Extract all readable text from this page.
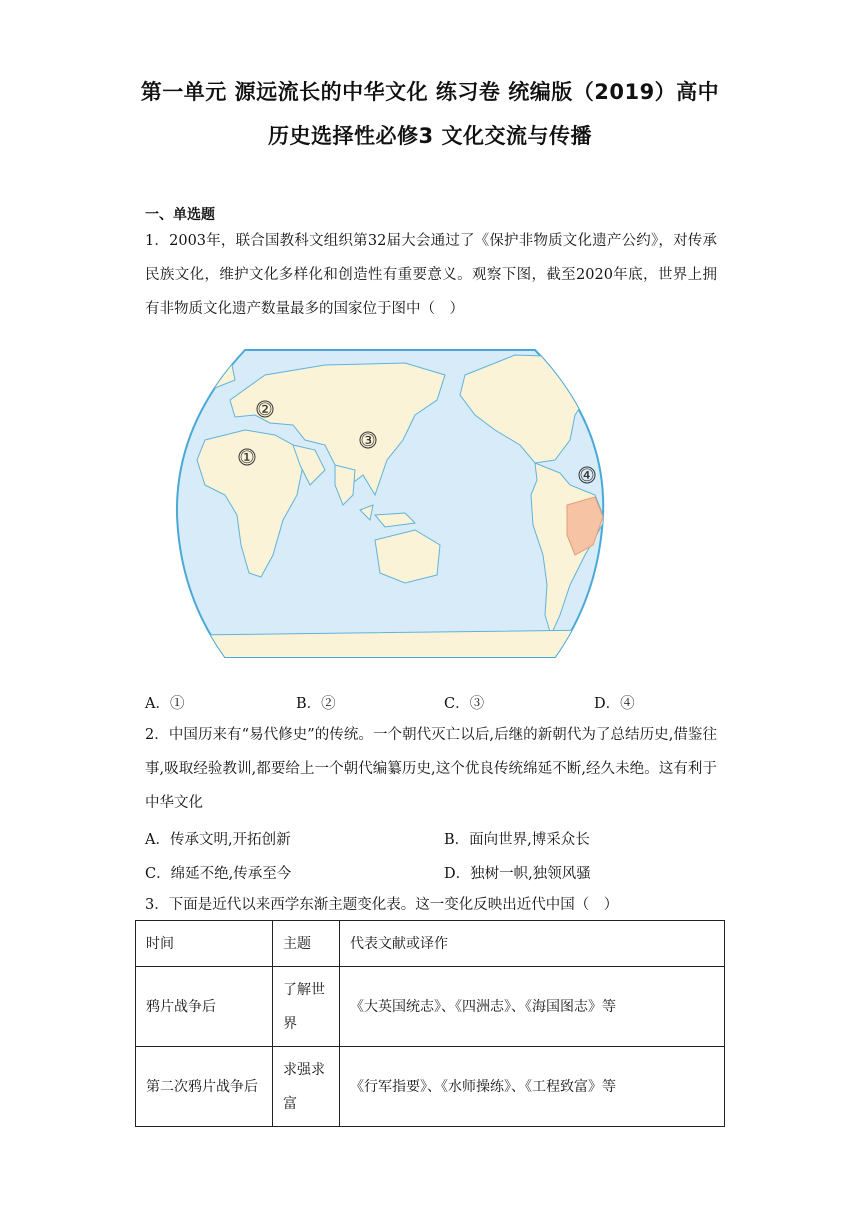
第一单元 源远流长的中华文化 练习卷 统编版（2019）高中
历史选择性必修3 文化交流与传播
一、单选题
1．2003年，联合国教科文组织第32届大会通过了《保护非物质文化遗产公约》，对传承民族文化，维护文化多样化和创造性有重要意义。观察下图，截至2020年底，世界上拥有非物质文化遗产数量最多的国家位于图中（　）
①
②
③
④
A．①	B．②	C．③	D．④
2．中国历来有“易代修史”的传统。一个朝代灭亡以后,后继的新朝代为了总结历史,借鉴往事,吸取经验教训,都要给上一个朝代编纂历史,这个优良传统绵延不断,经久未绝。这有利于中华文化
A．传承文明,开拓创新	B．面向世界,博采众长
C．绵延不绝,传承至今	D．独树一帜,独领风骚
3．下面是近代以来西学东渐主题变化表。这一变化反映出近代中国（　）
时间	主题	代表文献或译作
鸦片战争后	了解世界	《大英国统志》、《四洲志》、《海国图志》等
第二次鸦片战争后	求强求富	《行军指要》、《水师操练》、《工程致富》等
